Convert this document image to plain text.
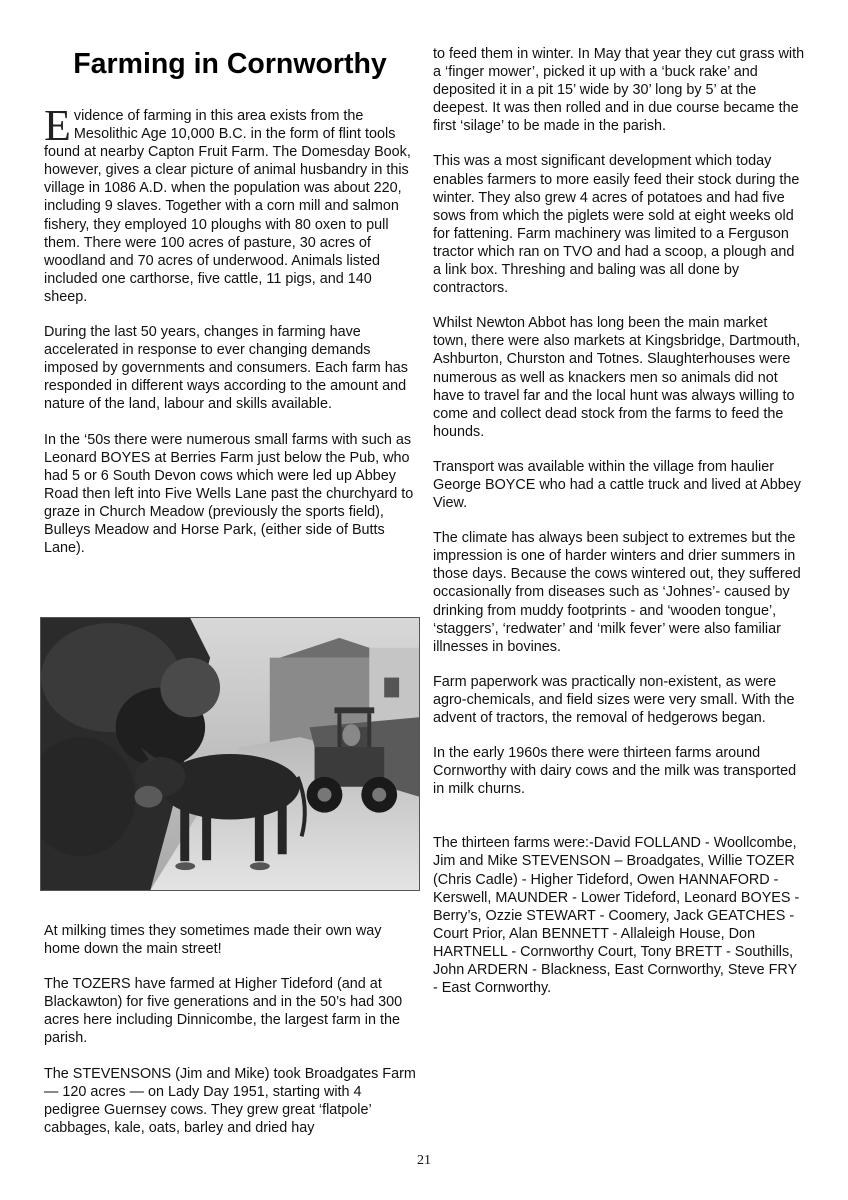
Farming in Cornworthy

Evidence of farming in this area exists from the Mesolithic Age 10,000 B.C. in the form of flint tools found at nearby Capton Fruit Farm. The Domesday Book, however, gives a clear picture of animal husbandry in this village in 1086 A.D. when the population was about 220, including 9 slaves. Together with a corn mill and salmon fishery, they employed 10 ploughs with 80 oxen to pull them. There were 100 acres of pasture, 30 acres of woodland and 70 acres of underwood. Animals listed included one carthorse, five cattle, 11 pigs, and 140 sheep.

During the last 50 years, changes in farming have accelerated in response to ever changing demands imposed by governments and consumers. Each farm has responded in different ways according to the amount and nature of the land, labour and skills available.

In the ‘50s there were numerous small farms with such as Leonard BOYES at Berries Farm just below the Pub, who had 5 or 6 South Devon cows which were led up Abbey Road then left into Five Wells Lane past the churchyard to graze in Church Meadow (previously the sports field), Bulleys Meadow and Horse Park, (either side of Butts Lane).

At milking times they sometimes made their own way home down the main street!

The TOZERS have farmed at Higher Tideford (and at Blackawton) for five generations and in the 50’s had 300 acres here including Dinnicombe, the largest farm in the parish.

The STEVENSONS (Jim and Mike) took Broadgates Farm — 120 acres — on Lady Day 1951, starting with 4 pedigree Guernsey cows. They grew great ‘flatpole’ cabbages, kale, oats, barley and dried hay

to feed them in winter. In May that year they cut grass with a ‘finger mower’, picked it up with a ‘buck rake’ and deposited it in a pit 15’ wide by 30’ long by 5’ at the deepest. It was then rolled and in due course became the first ‘silage’ to be made in the parish.

This was a most significant development which today enables farmers to more easily feed their stock during the winter. They also grew 4 acres of potatoes and had five sows from which the piglets were sold at eight weeks old for fattening. Farm machinery was limited to a Ferguson tractor which ran on TVO and had a scoop, a plough and a link box. Threshing and baling was all done by contractors.

Whilst Newton Abbot has long been the main market town, there were also markets at Kingsbridge, Dartmouth, Ashburton, Churston and Totnes. Slaughterhouses were numerous as well as knackers men so animals did not have to travel far and the local hunt was always willing to come and collect dead stock from the farms to feed the hounds.

Transport was available within the village from haulier George BOYCE who had a cattle truck and lived at Abbey View.

The climate has always been subject to extremes but the impression is one of harder winters and drier summers in those days. Because the cows wintered out, they suffered occasionally from diseases such as ‘Johnes’- caused by drinking from muddy footprints - and ‘wooden tongue’, ‘staggers’, ‘redwater’ and ‘milk fever’ were also familiar illnesses in bovines.

Farm paperwork was practically non-existent, as were agro-chemicals, and field sizes were very small. With the advent of tractors, the removal of hedgerows began.

In the early 1960s there were thirteen farms around Cornworthy with dairy cows and the milk was transported in milk churns.

The thirteen farms were:-David FOLLAND - Woollcombe, Jim and Mike STEVENSON – Broadgates, Willie TOZER (Chris Cadle) - Higher Tideford, Owen HANNAFORD - Kerswell, MAUNDER - Lower Tideford, Leonard BOYES - Berry’s, Ozzie STEWART - Coomery, Jack GEATCHES - Court Prior, Alan BENNETT - Allaleigh House, Don HARTNELL - Cornworthy Court, Tony BRETT - Southills, John ARDERN - Blackness, East Cornworthy, Steve FRY - East Cornworthy.

21
